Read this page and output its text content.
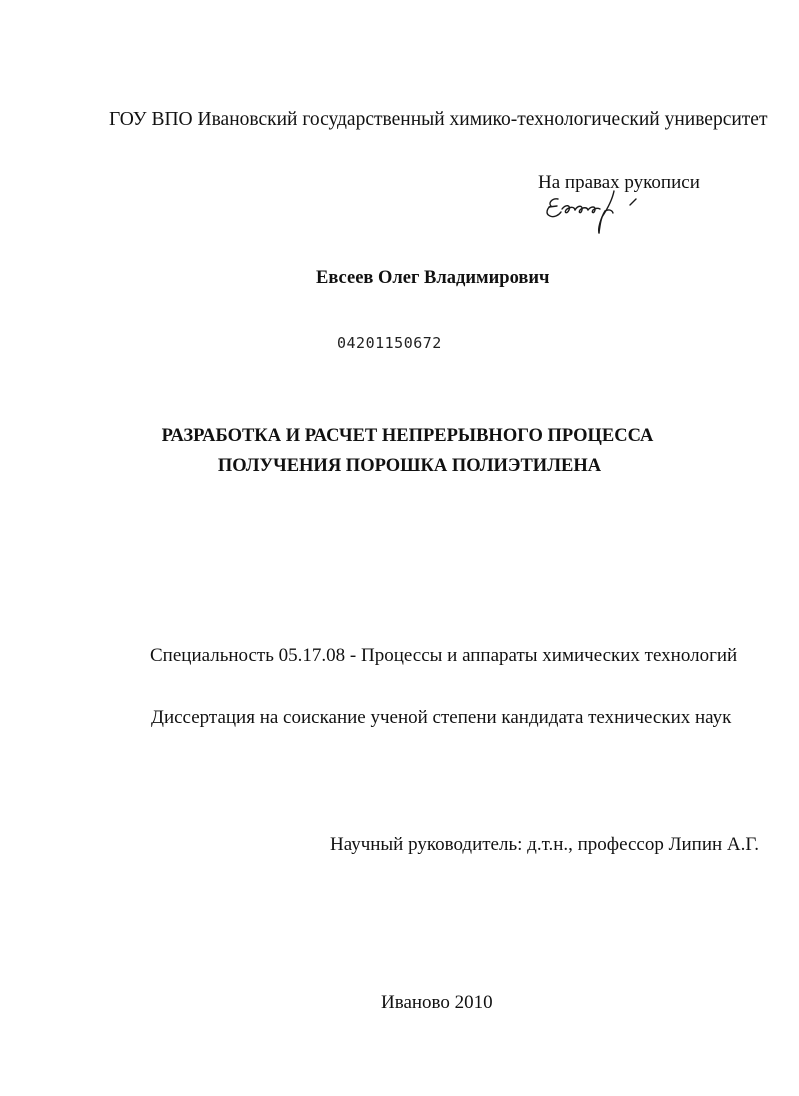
ГОУ ВПО Ивановский государственный химико-технологический университет
На правах рукописи
Евсеев Олег Владимирович
04201150672
РАЗРАБОТКА И РАСЧЕТ НЕПРЕРЫВНОГО ПРОЦЕССА
ПОЛУЧЕНИЯ ПОРОШКА ПОЛИЭТИЛЕНА
Специальность 05.17.08 - Процессы и аппараты химических технологий
Диссертация на соискание ученой степени кандидата технических наук
Научный руководитель: д.т.н., профессор Липин А.Г.
Иваново 2010
